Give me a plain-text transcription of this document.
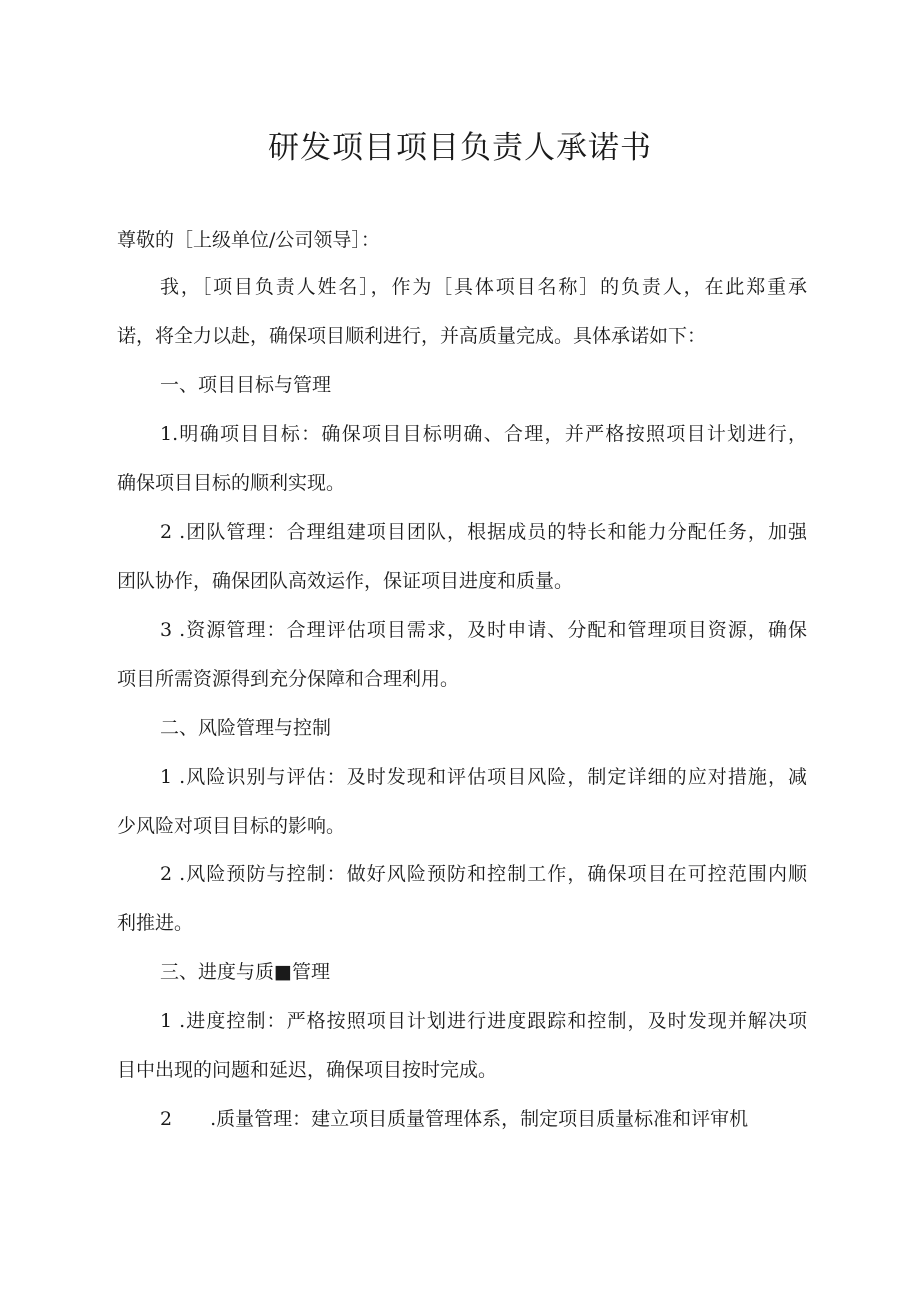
研发项目项目负责人承诺书
尊敬的［上级单位/公司领导］：
我，［项目负责人姓名］，作为［具体项目名称］的负责人，在此郑重承
诺，将全力以赴，确保项目顺利进行，并高质量完成。具体承诺如下：
一、项目目标与管理
1.明确项目目标：确保项目目标明确、合理，并严格按照项目计划进行，
确保项目目标的顺利实现。
2 .团队管理：合理组建项目团队，根据成员的特长和能力分配任务，加强
团队协作，确保团队高效运作，保证项目进度和质量。
3 .资源管理：合理评估项目需求，及时申请、分配和管理项目资源，确保
项目所需资源得到充分保障和合理利用。
二、风险管理与控制
1 .风险识别与评估：及时发现和评估项目风险，制定详细的应对措施，减
少风险对项目目标的影响。
2 .风险预防与控制：做好风险预防和控制工作，确保项目在可控范围内顺
利推进。
三、进度与质■管理
1 .进度控制：严格按照项目计划进行进度跟踪和控制，及时发现并解决项
目中出现的问题和延迟，确保项目按时完成。
2　　.质量管理：建立项目质量管理体系，制定项目质量标准和评审机
